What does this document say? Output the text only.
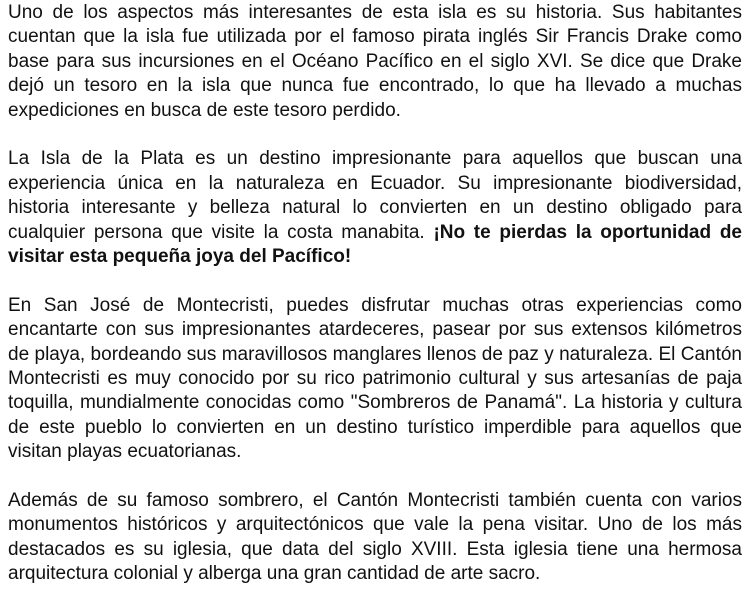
Uno de los aspectos más interesantes de esta isla es su historia. Sus habitantes cuentan que la isla fue utilizada por el famoso pirata inglés Sir Francis Drake como base para sus incursiones en el Océano Pacífico en el siglo XVI. Se dice que Drake dejó un tesoro en la isla que nunca fue encontrado, lo que ha llevado a muchas expediciones en busca de este tesoro perdido.

La Isla de la Plata es un destino impresionante para aquellos que buscan una experiencia única en la naturaleza en Ecuador. Su impresionante biodiversidad, historia interesante y belleza natural lo convierten en un destino obligado para cualquier persona que visite la costa manabita. ¡No te pierdas la oportunidad de visitar esta pequeña joya del Pacífico!

En San José de Montecristi, puedes disfrutar muchas otras experiencias como encantarte con sus impresionantes atardeceres, pasear por sus extensos kilómetros de playa, bordeando sus maravillosos manglares llenos de paz y naturaleza. El Cantón Montecristi es muy conocido por su rico patrimonio cultural y sus artesanías de paja toquilla, mundialmente conocidas como "Sombreros de Panamá". La historia y cultura de este pueblo lo convierten en un destino turístico imperdible para aquellos que visitan playas ecuatorianas.

Además de su famoso sombrero, el Cantón Montecristi también cuenta con varios monumentos históricos y arquitectónicos que vale la pena visitar. Uno de los más destacados es su iglesia, que data del siglo XVIII. Esta iglesia tiene una hermosa arquitectura colonial y alberga una gran cantidad de arte sacro.
